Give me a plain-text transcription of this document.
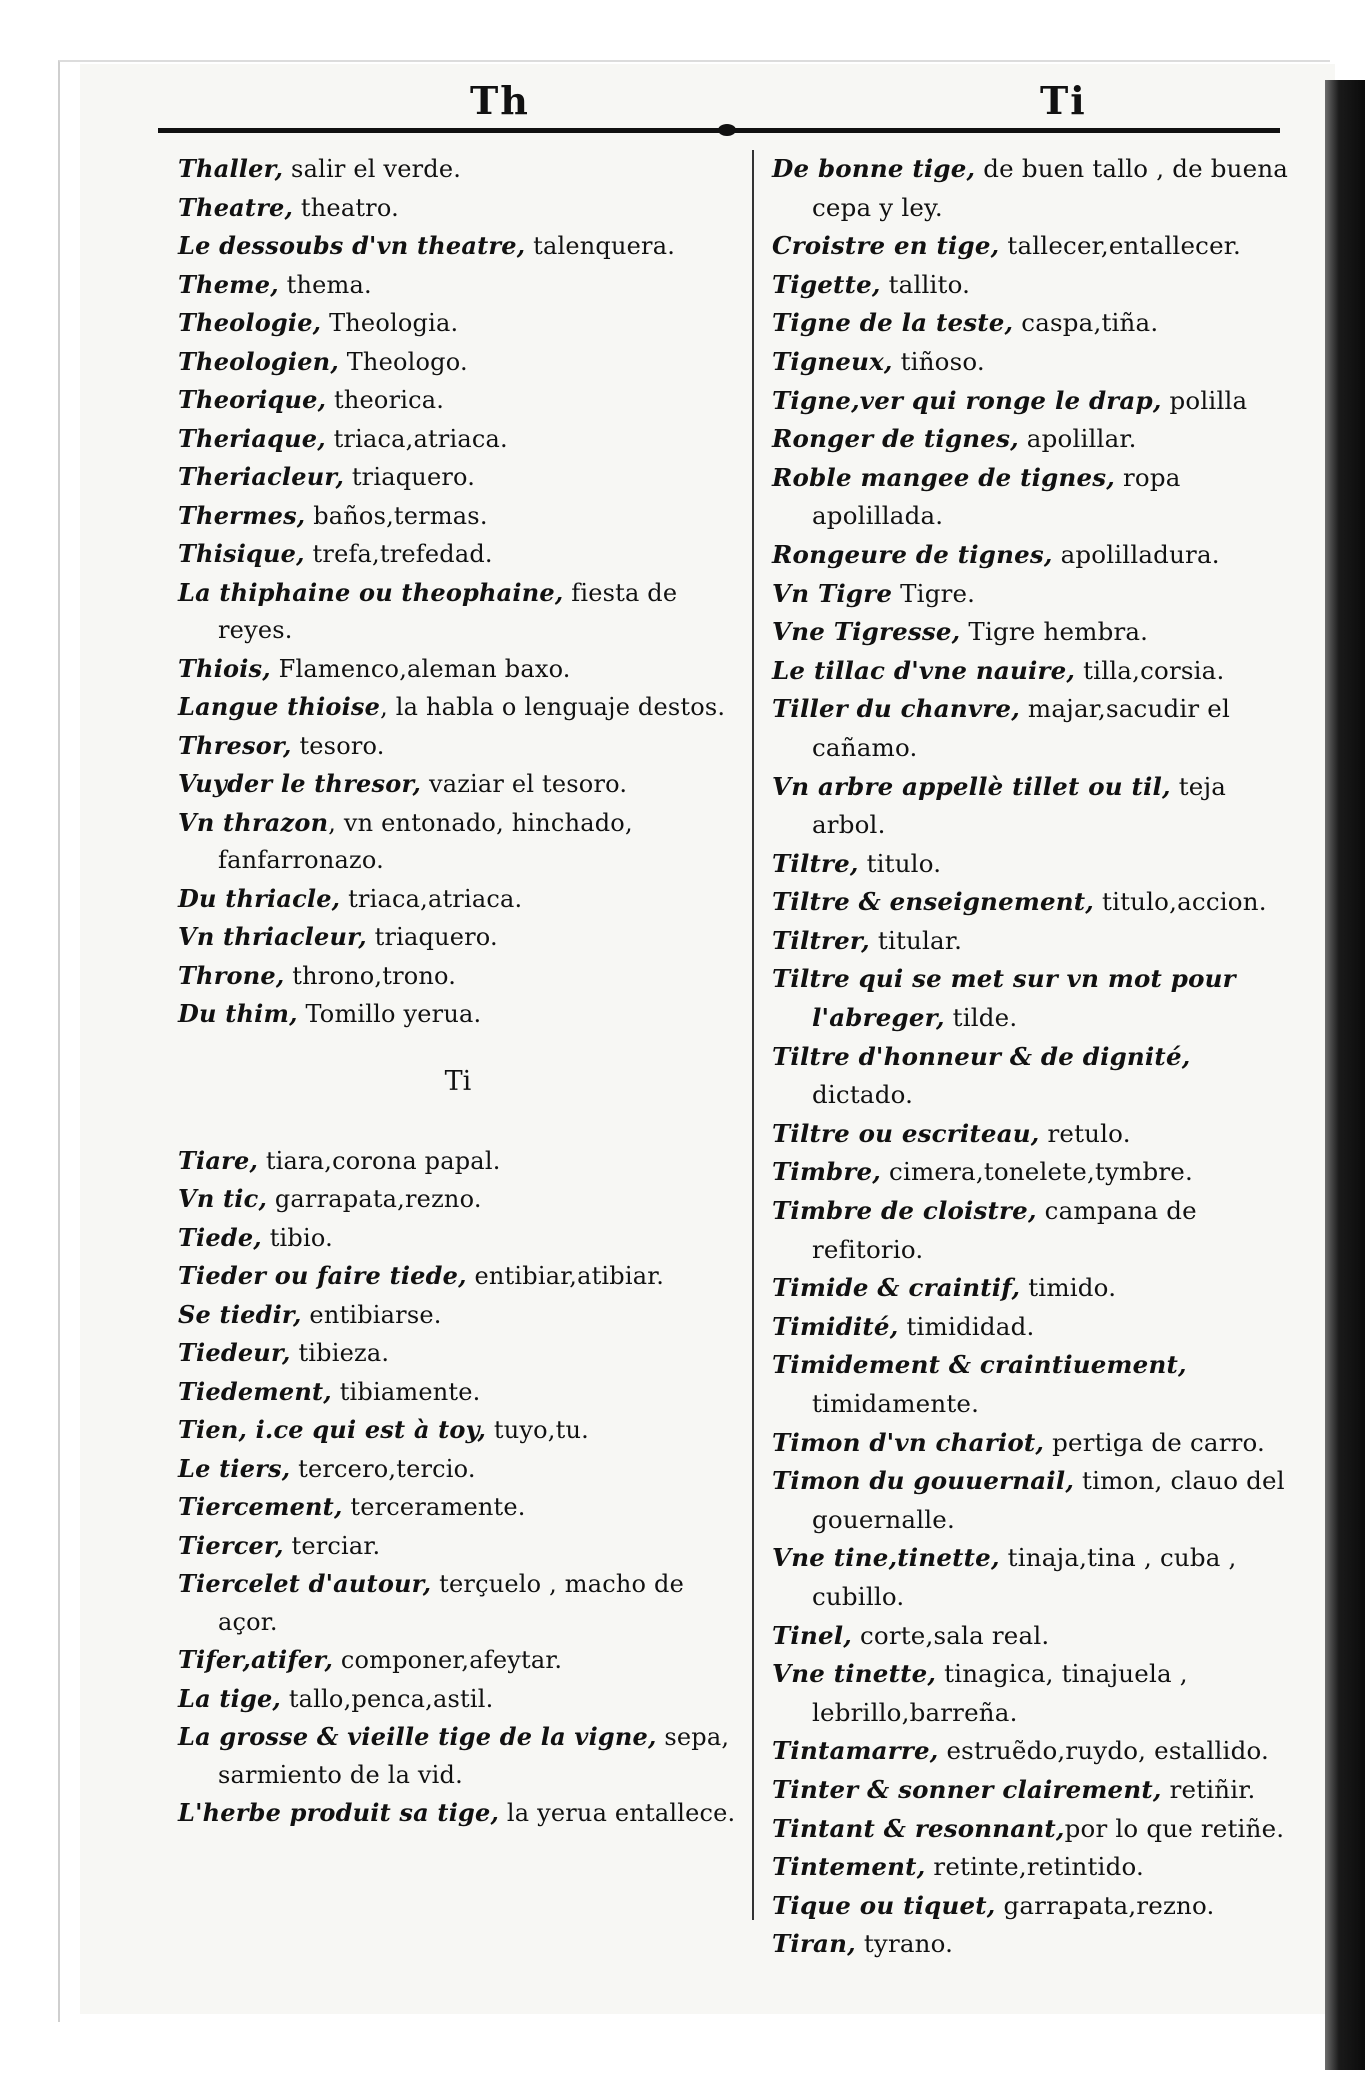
Th	Ti

Thaller, salir el verde.

Theatre, theatro.

Le dessoubs d'vn theatre, talenquera.

Theme, thema.

Theologie, Theologia.

Theologien, Theologo.

Theorique, theorica.

Theriaque, triaca,atriaca.

Theriacleur, triaquero.

Thermes, baños,termas.

Thisique, trefa,trefedad.

La thiphaine ou theophaine, fiesta de reyes.

Thiois, Flamenco,aleman baxo.

Langue thioise, la habla o lenguaje destos.

Thresor, tesoro.

Vuyder le thresor, vaziar el tesoro.

Vn thrazon, vn entonado, hinchado, fanfarronazo.

Du thriacle, triaca,atriaca.

Vn thriacleur, triaquero.

Throne, throno,trono.

Du thim, Tomillo yerua.

Ti

Tiare, tiara,corona papal.

Vn tic, garrapata,rezno.

Tiede, tibio.

Tieder ou faire tiede, entibiar,atibiar.

Se tiedir, entibiarse.

Tiedeur, tibieza.

Tiedement, tibiamente.

Tien, i.ce qui est à toy, tuyo,tu.

Le tiers, tercero,tercio.

Tiercement, terceramente.

Tiercer, terciar.

Tiercelet d'autour, terçuelo , macho de açor.

Tifer,atifer, componer,afeytar.

La tige, tallo,penca,astil.

La grosse & vieille tige de la vigne, sepa, sarmiento de la vid.

L'herbe produit sa tige, la yerua entallece.

De bonne tige, de buen tallo , de buena cepa y ley.

Croistre en tige, tallecer,entallecer.

Tigette, tallito.

Tigne de la teste, caspa,tiña.

Tigneux, tiñoso.

Tigne,ver qui ronge le drap, polilla

Ronger de tignes, apolillar.

Roble mangee de tignes, ropa apolillada.

Rongeure de tignes, apolilladura.

Vn Tigre Tigre.

Vne Tigresse, Tigre hembra.

Le tillac d'vne nauire, tilla,corsia.

Tiller du chanvre, majar,sacudir el cañamo.

Vn arbre appellè tillet ou til, teja arbol.

Tiltre, titulo.

Tiltre & enseignement, titulo,accion.

Tiltrer, titular.

Tiltre qui se met sur vn mot pour l'abreger, tilde.

Tiltre d'honneur & de dignité, dictado.

Tiltre ou escriteau, retulo.

Timbre, cimera,tonelete,tymbre.

Timbre de cloistre, campana de refitorio.

Timide & craintif, timido.

Timidité, timididad.

Timidement & craintiuement, timidamente.

Timon d'vn chariot, pertiga de carro.

Timon du gouuernail, timon, clauo del gouernalle.

Vne tine,tinette, tinaja,tina , cuba , cubillo.

Tinel, corte,sala real.

Vne tinette, tinagica, tinajuela , lebrillo,barreña.

Tintamarre, estruẽdo,ruydo, estallido.

Tinter & sonner clairement, retiñir.

Tintant & resonnant,por lo que retiñe.

Tintement, retinte,retintido.

Tique ou tiquet, garrapata,rezno.

Tiran, tyrano.
